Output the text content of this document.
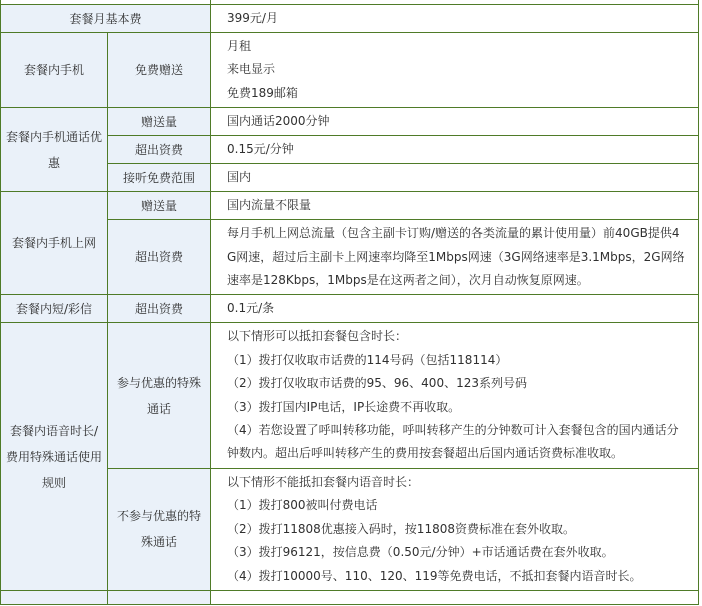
套餐月基本费		399元/月
套餐内手机	免费赠送	月租
来电显示
免费189邮箱

套餐内手机通话优惠	赠送量	国内通话2000分钟
	超出资费	0.15元/分钟
	接听免费范围	国内
套餐内手机上网	赠送量	国内流量不限量
	超出资费	每月手机上网总流量（包含主副卡订购/赠送的各类流量的累计使用量）前40GB提供4G网速，超过后主副卡上网速率均降至1Mbps网速（3G网络速率是3.1Mbps，2G网络速率是128Kbps，1Mbps是在这两者之间），次月自动恢复原网速。

套餐内短/彩信	超出资费	0.1元/条
套餐内语音时长/费用特殊通话使用规则	参与优惠的特殊通话	以下情形可以抵扣套餐包含时长：
（1）拨打仅收取市话费的114号码（包括118114）
（2）拨打仅收取市话费的95、96、400、123系列号码
（3）拨打国内IP电话，IP长途费不再收取。
（4）若您设置了呼叫转移功能，呼叫转移产生的分钟数可计入套餐包含的国内通话分钟数内。超出后呼叫转移产生的费用按套餐超出后国内通话资费标准收取。

	不参与优惠的特殊通话	以下情形不能抵扣套餐内语音时长：
（1）拨打800被叫付费电话
（2）拨打11808优惠接入码时，按11808资费标准在套外收取。
（3）拨打96121，按信息费（0.50元/分钟）+市话通话费在套外收取。
（4）拨打10000号、110、120、119等免费电话，不抵扣套餐内语音时长。
